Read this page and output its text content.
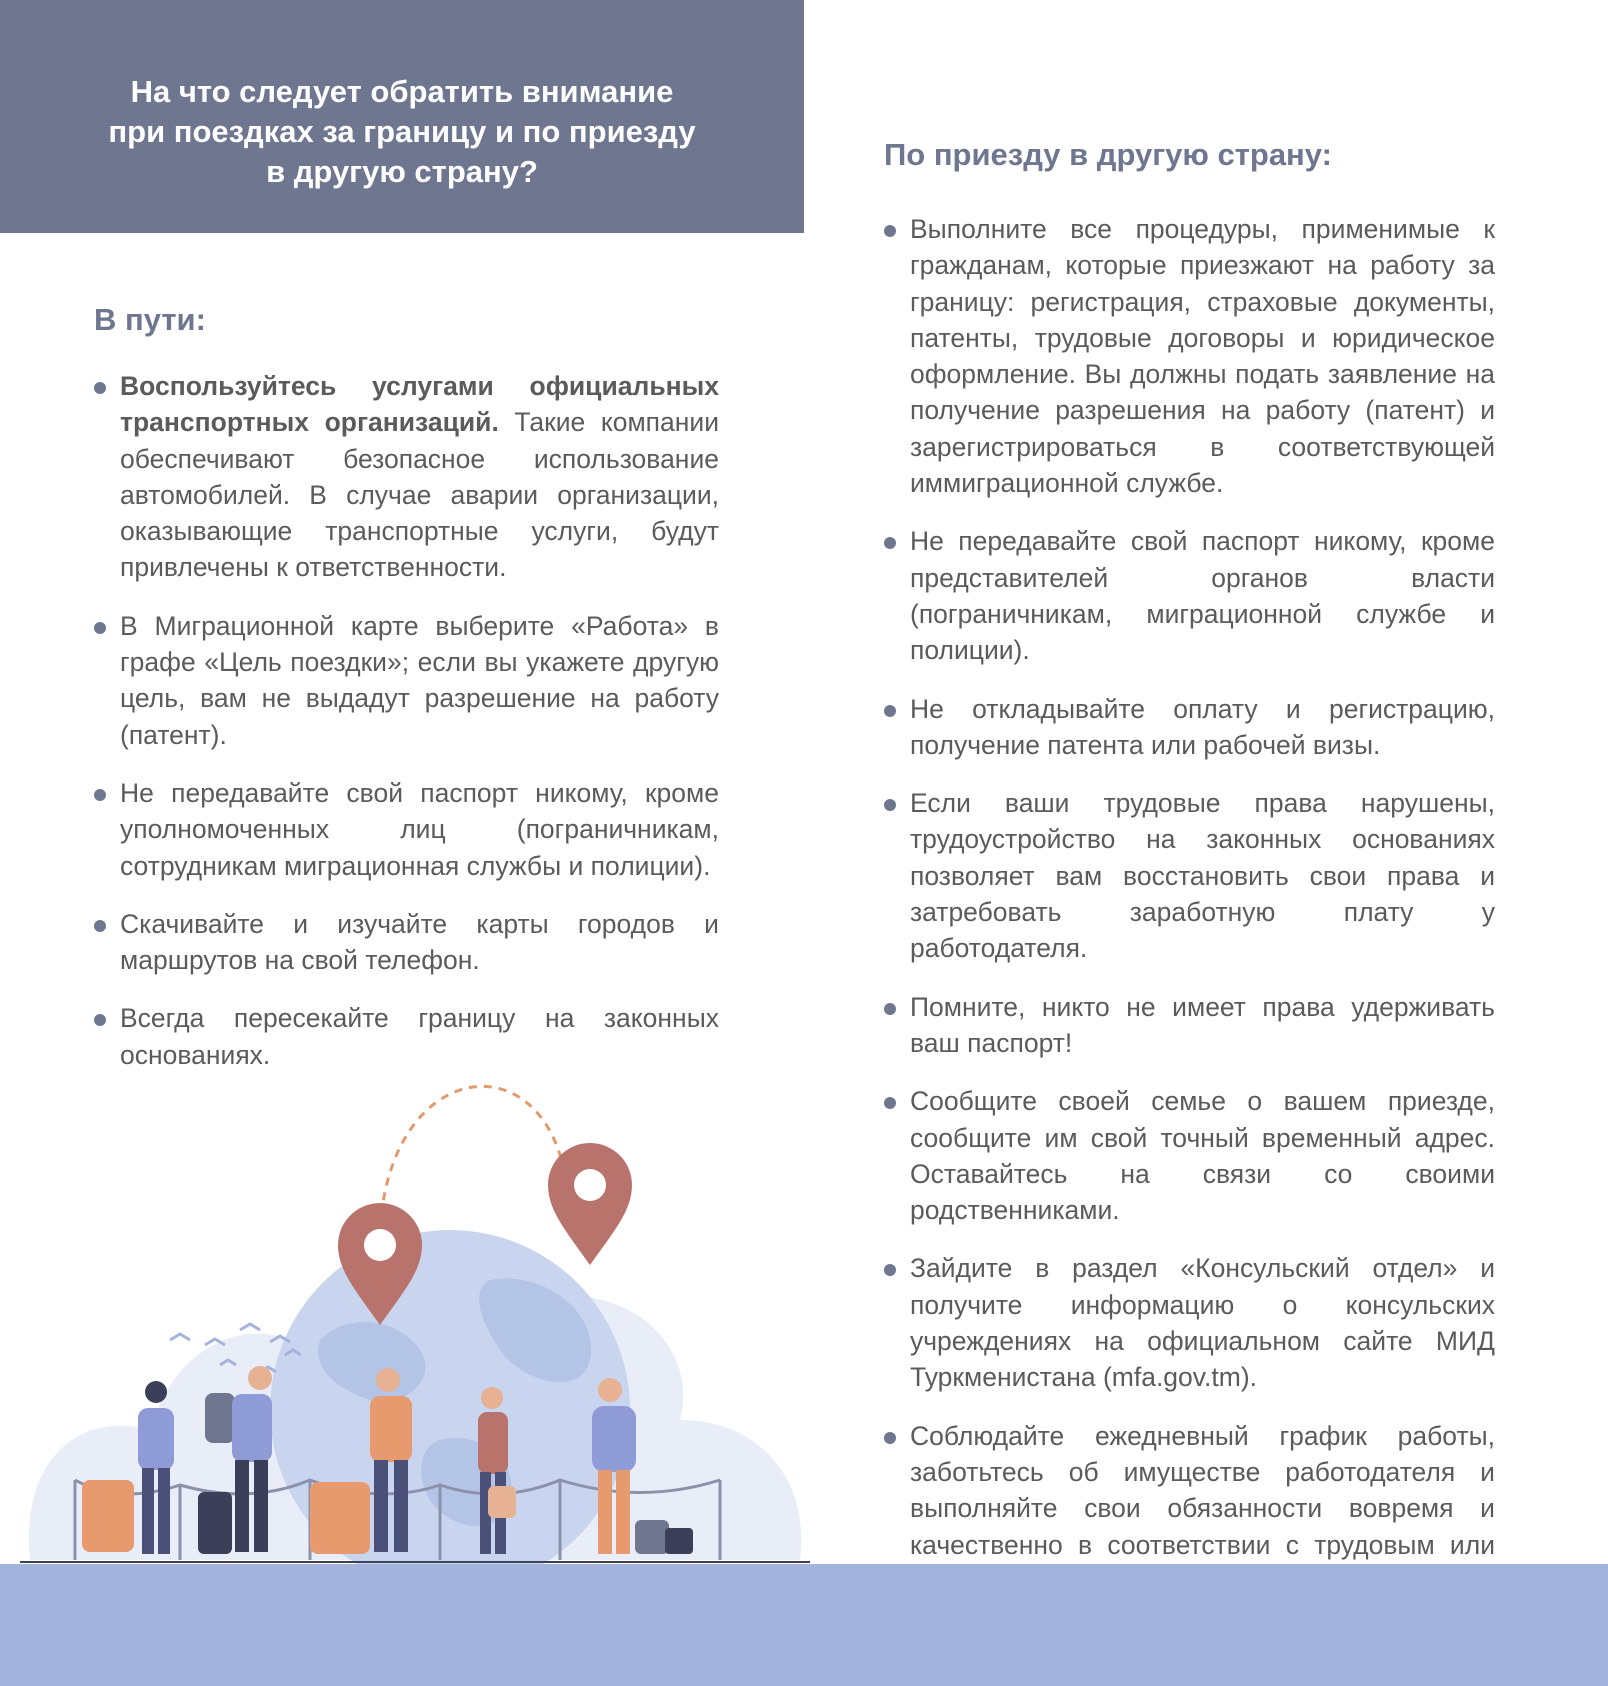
На что следует обратить внимание
при поездках за границу и по приезду
в другую страну?
В пути:
Воспользуйтесь услугами официальных транспортных организаций. Такие компании обеспечивают безопасное использование автомобилей. В случае аварии организации, оказывающие транспортные услуги, будут привлечены к ответственности.
В Миграционной карте выберите «Работа» в графе «Цель поездки»; если вы укажете другую цель, вам не выдадут разрешение на работу (патент).
Не передавайте свой паспорт никому, кроме уполномоченных лиц (пограничникам, сотрудникам миграционная службы и полиции).
Скачивайте и изучайте карты городов и маршрутов на свой телефон.
Всегда пересекайте границу на законных основаниях.
По приезду в другую страну:
Выполните все процедуры, применимые к гражданам, которые приезжают на работу за границу: регистрация, страховые документы, патенты, трудовые договоры и юридическое оформление. Вы должны подать заявление на получение разрешения на работу (патент) и зарегистрироваться в соответствующей иммиграционной службе.
Не передавайте свой паспорт никому, кроме представителей органов власти (пограничникам, миграционной службе и полиции).
Не откладывайте оплату и регистрацию, получение патента или рабочей визы.
Если ваши трудовые права нарушены, трудоустройство на законных основаниях позволяет вам восстановить свои права и затребовать заработную плату у работодателя.
Помните, никто не имеет права удерживать ваш паспорт!
Сообщите своей семье о вашем приезде, сообщите им свой точный временный адрес. Оставайтесь на связи со своими родственниками.
Зайдите в раздел «Консульский отдел» и получите информацию о консульских учреждениях на официальном сайте МИД Туркменистана (mfa.gov.tm).
Соблюдайте ежедневный график работы, заботьтесь об имуществе работодателя и выполняйте свои обязанности вовремя и качественно в соответствии с трудовым или
